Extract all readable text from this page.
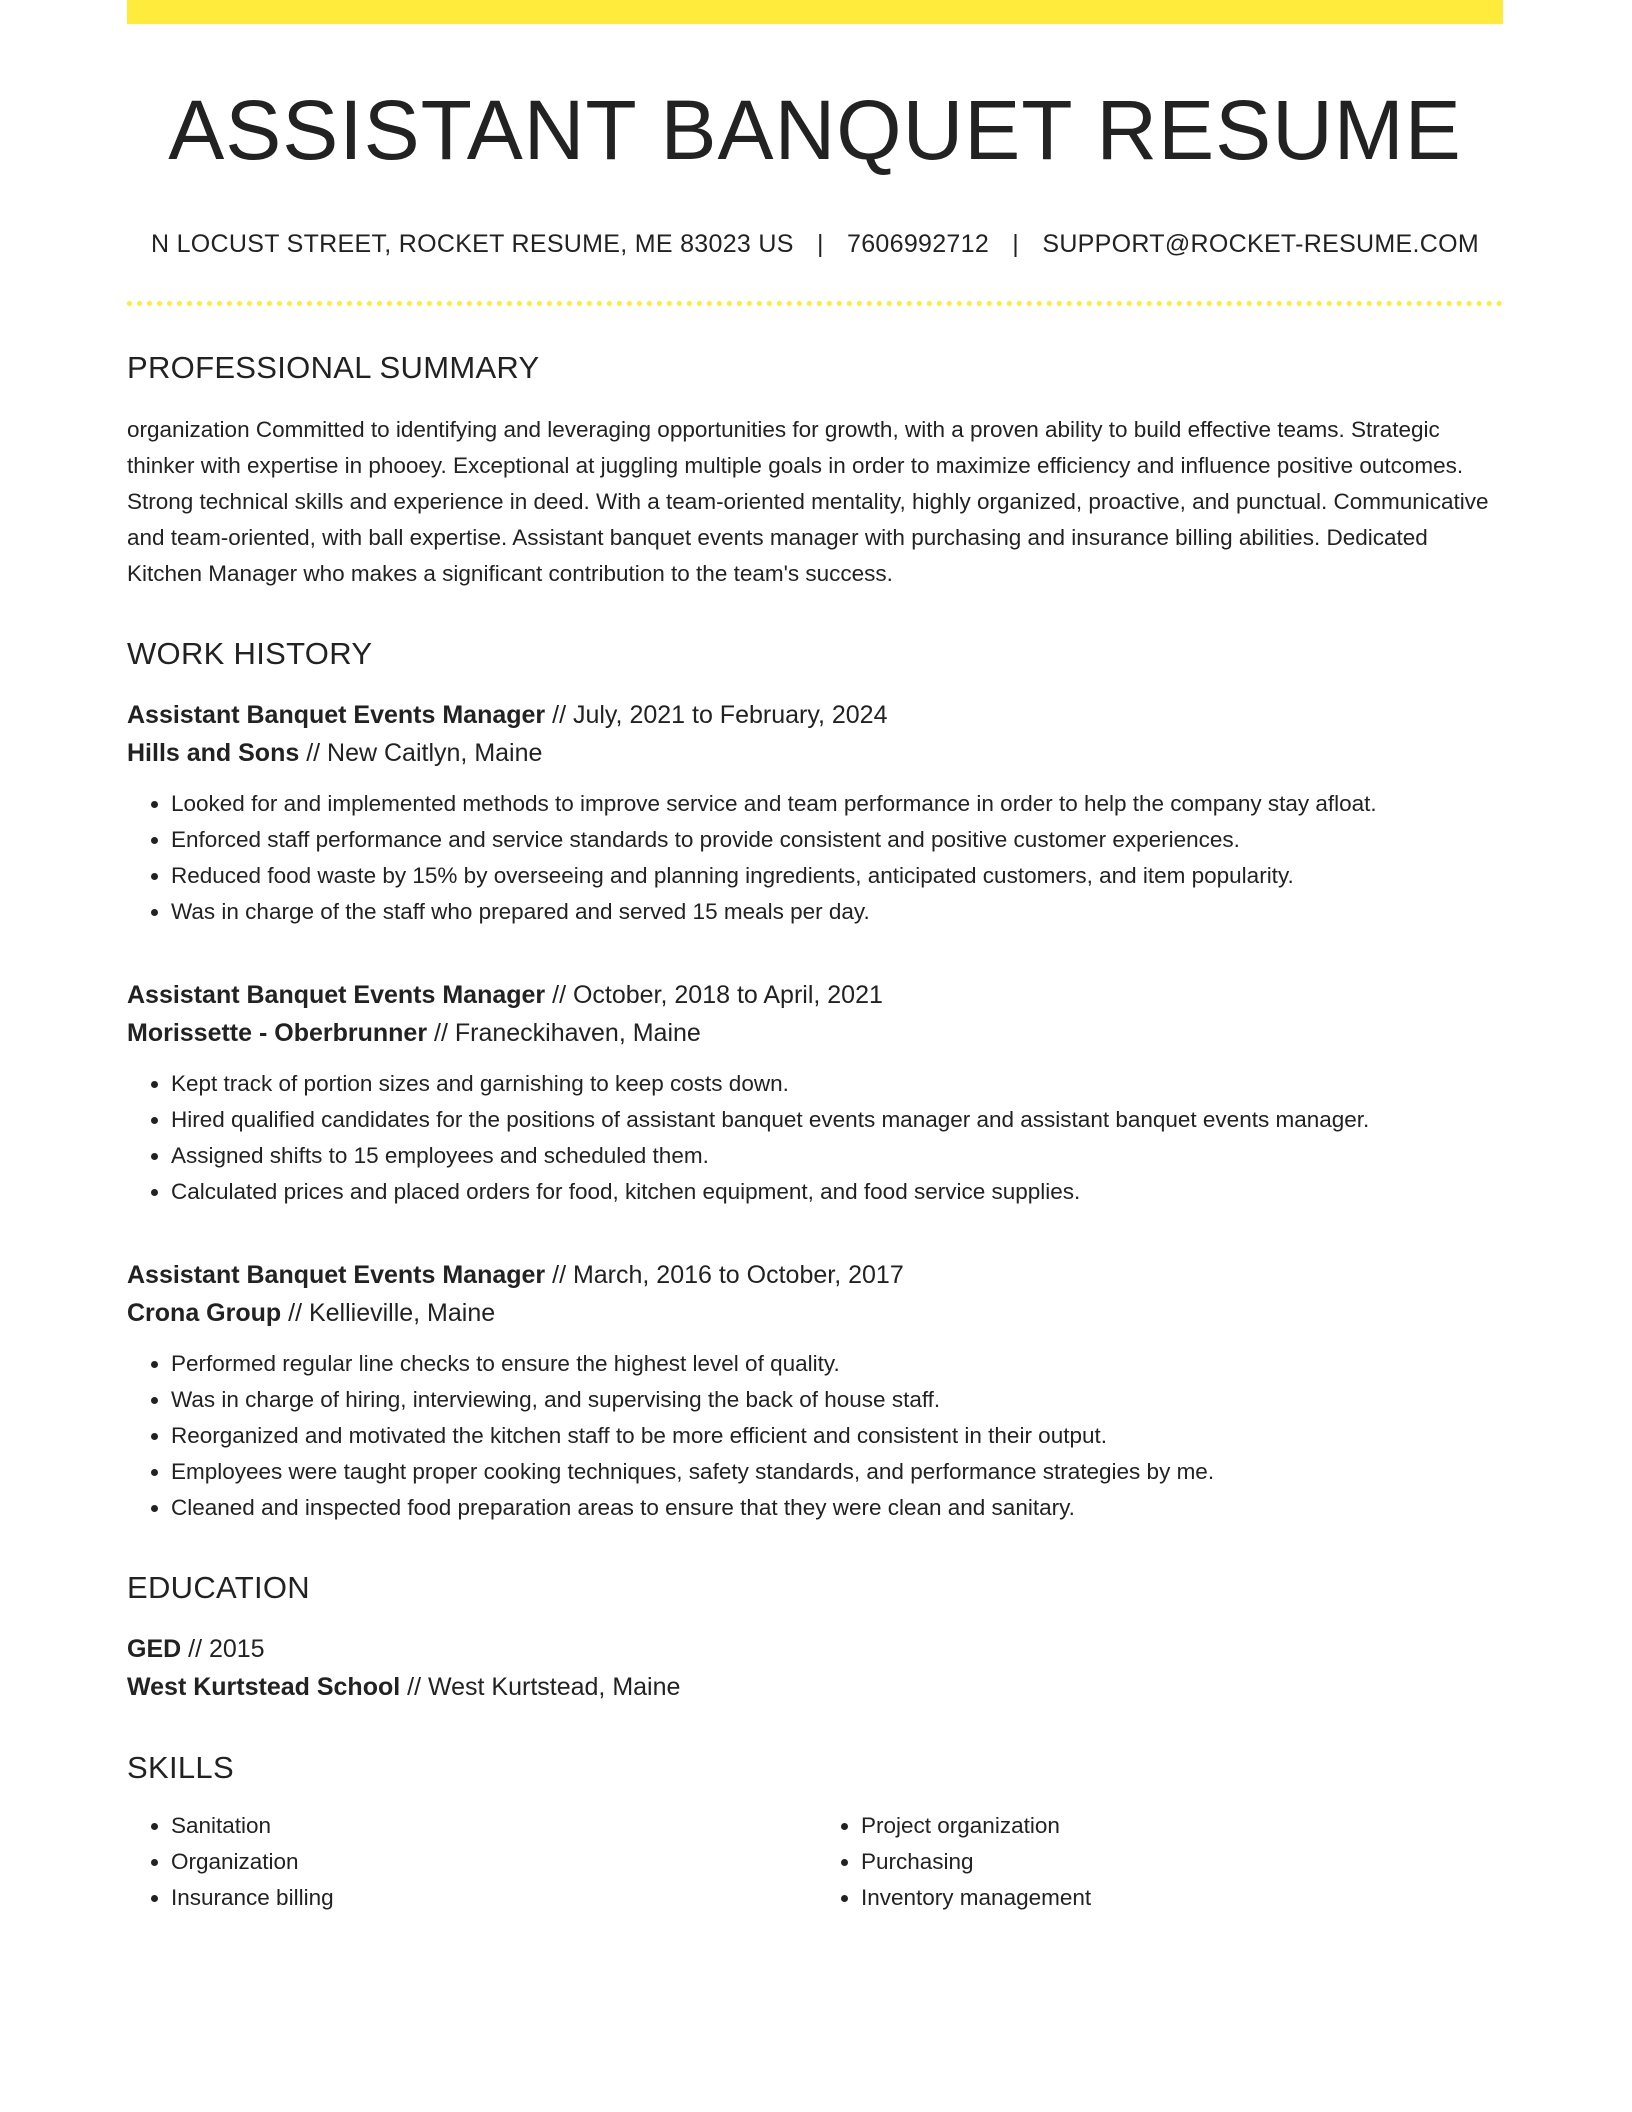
ASSISTANT BANQUET RESUME
N LOCUST STREET, ROCKET RESUME, ME 83023 US | 7606992712 | SUPPORT@ROCKET-RESUME.COM
PROFESSIONAL SUMMARY
organization Committed to identifying and leveraging opportunities for growth, with a proven ability to build effective teams. Strategic thinker with expertise in phooey. Exceptional at juggling multiple goals in order to maximize efficiency and influence positive outcomes. Strong technical skills and experience in deed. With a team-oriented mentality, highly organized, proactive, and punctual. Communicative and team-oriented, with ball expertise. Assistant banquet events manager with purchasing and insurance billing abilities. Dedicated Kitchen Manager who makes a significant contribution to the team's success.
WORK HISTORY
Assistant Banquet Events Manager // July, 2021 to February, 2024
Hills and Sons // New Caitlyn, Maine
• Looked for and implemented methods to improve service and team performance in order to help the company stay afloat.
• Enforced staff performance and service standards to provide consistent and positive customer experiences.
• Reduced food waste by 15% by overseeing and planning ingredients, anticipated customers, and item popularity.
• Was in charge of the staff who prepared and served 15 meals per day.
Assistant Banquet Events Manager // October, 2018 to April, 2021
Morissette - Oberbrunner // Franeckihaven, Maine
• Kept track of portion sizes and garnishing to keep costs down.
• Hired qualified candidates for the positions of assistant banquet events manager and assistant banquet events manager.
• Assigned shifts to 15 employees and scheduled them.
• Calculated prices and placed orders for food, kitchen equipment, and food service supplies.
Assistant Banquet Events Manager // March, 2016 to October, 2017
Crona Group // Kellieville, Maine
• Performed regular line checks to ensure the highest level of quality.
• Was in charge of hiring, interviewing, and supervising the back of house staff.
• Reorganized and motivated the kitchen staff to be more efficient and consistent in their output.
• Employees were taught proper cooking techniques, safety standards, and performance strategies by me.
• Cleaned and inspected food preparation areas to ensure that they were clean and sanitary.
EDUCATION
GED // 2015
West Kurtstead School // West Kurtstead, Maine
SKILLS
• Sanitation
• Organization
• Insurance billing
• Project organization
• Purchasing
• Inventory management
